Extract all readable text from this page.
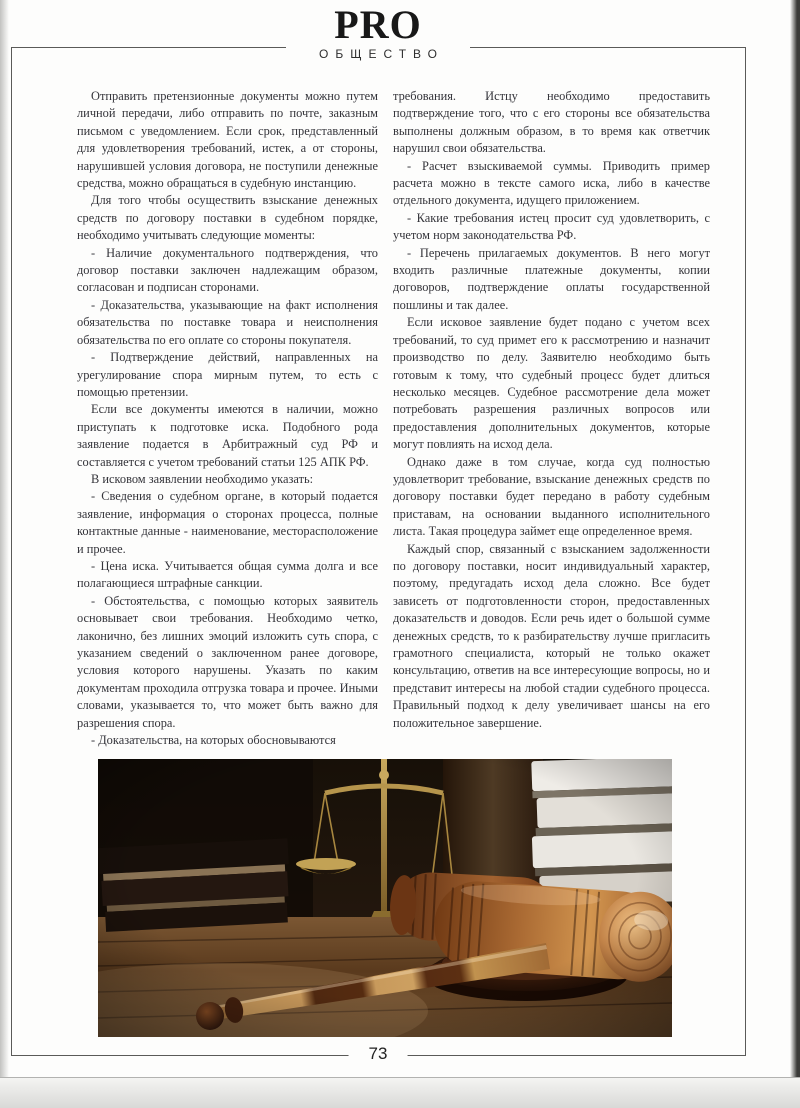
PRO
ОБЩЕСТВО

Отправить претензионные документы можно путем личной передачи, либо отправить по почте, заказным письмом с уведомлением. Если срок, представленный для удовлетворения требований, истек, а от стороны, нарушившей условия договора, не поступили денежные средства, можно обращаться в судебную инстанцию.

Для того чтобы осуществить взыскание денежных средств по договору поставки в судебном порядке, необходимо учитывать следующие моменты:

- Наличие документального подтверждения, что договор поставки заключен надлежащим образом, согласован и подписан сторонами.

- Доказательства, указывающие на факт исполнения обязательства по поставке товара и неисполнения обязательства по его оплате со стороны покупателя.

- Подтверждение действий, направленных на урегулирование спора мирным путем, то есть с помощью претензии.

Если все документы имеются в наличии, можно приступать к подготовке иска. Подобного рода заявление подается в Арбитражный суд РФ и составляется с учетом требований статьи 125 АПК РФ.

В исковом заявлении необходимо указать:

- Сведения о судебном органе, в который подается заявление, информация о сторонах процесса, полные контактные данные - наименование, месторасположение и прочее.

- Цена иска. Учитывается общая сумма долга и все полагающиеся штрафные санкции.

- Обстоятельства, с помощью которых заявитель основывает свои требования. Необходимо четко, лаконично, без лишних эмоций изложить суть спора, с указанием сведений о заключенном ранее договоре, условия которого нарушены. Указать по каким документам проходила отгрузка товара и прочее. Иными словами, указывается то, что может быть важно для разрешения спора.

- Доказательства, на которых обосновываются

требования. Истцу необходимо предоставить подтверждение того, что с его стороны все обязательства выполнены должным образом, в то время как ответчик нарушил свои обязательства.

- Расчет взыскиваемой суммы. Приводить пример расчета можно в тексте самого иска, либо в качестве отдельного документа, идущего приложением.

- Какие требования истец просит суд удовлетворить, с учетом норм законодательства РФ.

- Перечень прилагаемых документов. В него могут входить различные платежные документы, копии договоров, подтверждение оплаты государственной пошлины и так далее.

Если исковое заявление будет подано с учетом всех требований, то суд примет его к рассмотрению и назначит производство по делу. Заявителю необходимо быть готовым к тому, что судебный процесс будет длиться несколько месяцев. Судебное рассмотрение дела может потребовать разрешения различных вопросов или предоставления дополнительных документов, которые могут повлиять на исход дела.

Однако даже в том случае, когда суд полностью удовлетворит требование, взыскание денежных средств по договору поставки будет передано в работу судебным приставам, на основании выданного исполнительного листа. Такая процедура займет еще определенное время.

Каждый спор, связанный с взысканием задолженности по договору поставки, носит индивидуальный характер, поэтому, предугадать исход дела сложно. Все будет зависеть от подготовленности сторон, предоставленных доказательств и доводов. Если речь идет о большой сумме денежных средств, то к разбирательству лучше пригласить грамотного специалиста, который не только окажет консультацию, ответив на все интересующие вопросы, но и представит интересы на любой стадии судебного процесса. Правильный подход к делу увеличивает шансы на его положительное завершение.

73
